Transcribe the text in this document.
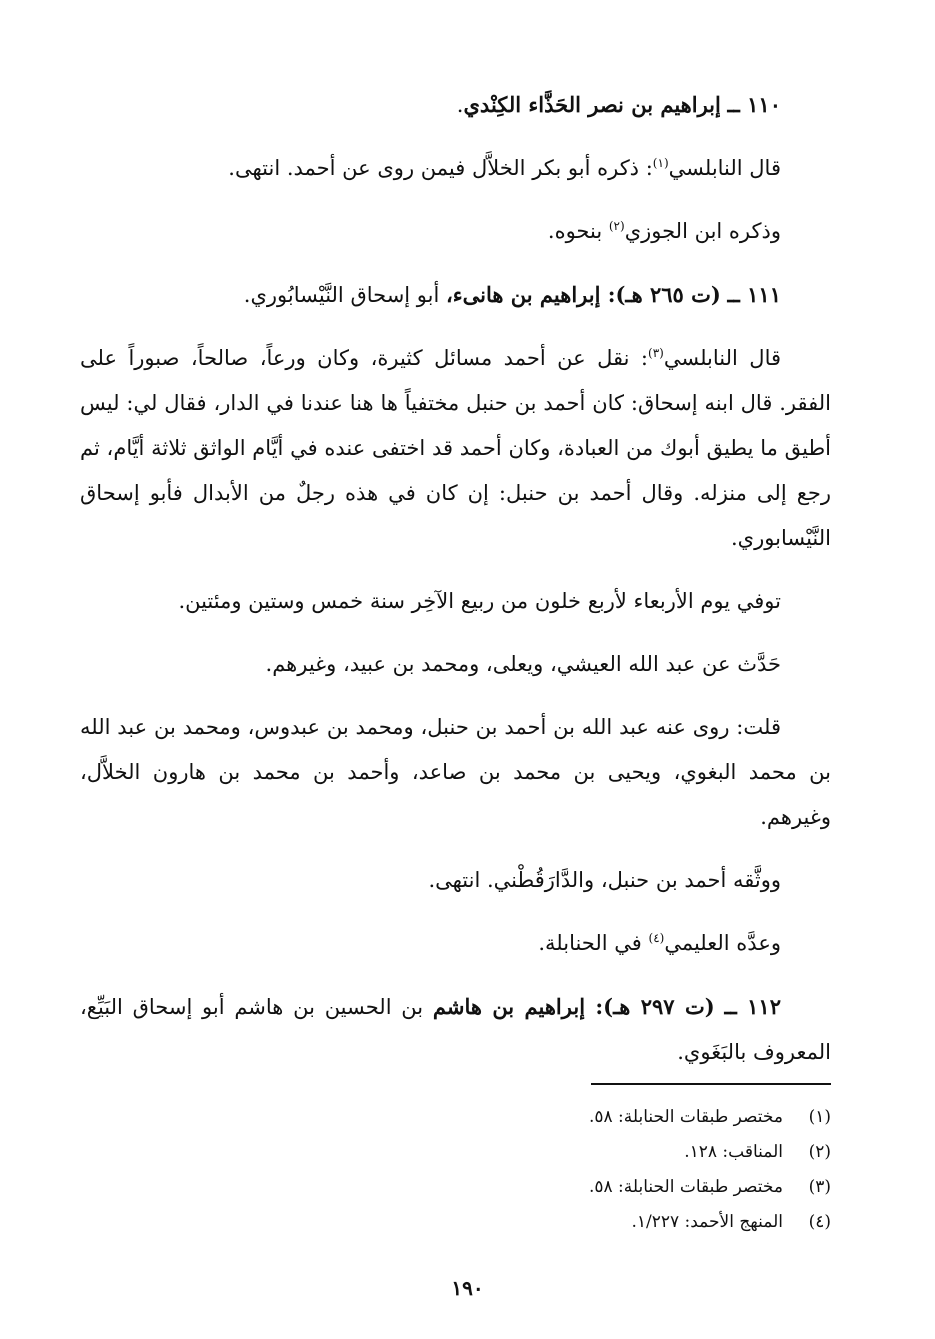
١١٠ ــ إبراهيم بن نصر الحَذَّاء الكِنْدي.

قال النابلسي$^{(١)}$: ذكره أبو بكر الخلاَّل فيمن روى عن أحمد. انتهى.

وذكره ابن الجوزي$^{(٢)}$ بنحوه.

١١١ ــ (ت ٢٦٥ هـ): إبراهيم بن هانىء، أبو إسحاق النَّيْسابُوري.

قال النابلسي$^{(٣)}$: نقل عن أحمد مسائل كثيرة، وكان ورعاً، صالحاً، صبوراً على الفقر. قال ابنه إسحاق: كان أحمد بن حنبل مختفياً ها هنا عندنا في الدار، فقال لي: ليس أطيق ما يطيق أبوك من العبادة، وكان أحمد قد اختفى عنده في أيَّام الواثق ثلاثة أيَّام، ثم رجع إلى منزله. وقال أحمد بن حنبل: إن كان في هذه رجلٌ من الأبدال فأبو إسحاق النَّيْسابوري.

توفي يوم الأربعاء لأربع خلون من ربيع الآخِر سنة خمس وستين ومئتين.

حَدَّث عن عبد الله العيشي، ويعلى، ومحمد بن عبيد، وغيرهم.

قلت: روى عنه عبد الله بن أحمد بن حنبل، ومحمد بن عبدوس، ومحمد بن عبد الله بن محمد البغوي، ويحيى بن محمد بن صاعد، وأحمد بن محمد بن هارون الخلاَّل، وغيرهم.

ووثَّقه أحمد بن حنبل، والدَّارَقُطْني. انتهى.

وعدَّه العليمي$^{(٤)}$ في الحنابلة.

١١٢ ــ (ت ٢٩٧ هـ): إبراهيم بن هاشم بن الحسين بن هاشم أبو إسحاق البَيِّع، المعروف بالبَغَوي.

(١)
مختصر طبقات الحنابلة: ٥٨.
(٢)
المناقب: ١٢٨.
(٣)
مختصر طبقات الحنابلة: ٥٨.
(٤)
المنهج الأحمد: ١/٢٢٧.
١٩٠
